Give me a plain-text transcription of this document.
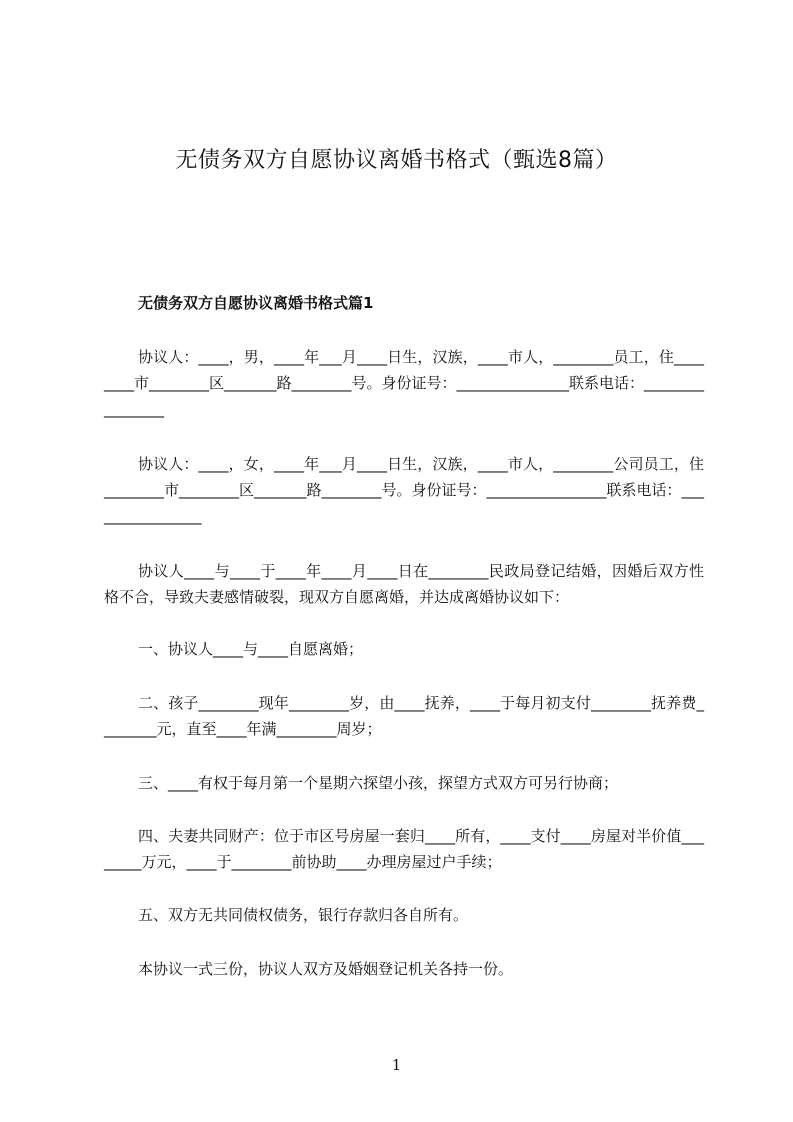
无债务双方自愿协议离婚书格式（甄选8篇）
无债务双方自愿协议离婚书格式篇1

协议人：____，男，____年___月____日生，汉族，____市人，________员工，住________市________区_______路________号。身份证号：_______________联系电话：________________

协议人：____，女，____年___月____日生，汉族，____市人，________公司员工，住________市________区_______路________号。身份证号：________________联系电话：________________

协议人____与____于____年____月____日在________民政局登记结婚，因婚后双方性格不合，导致夫妻感情破裂，现双方自愿离婚，并达成离婚协议如下：

一、协议人____与____自愿离婚；

二、孩子________现年________岁，由____抚养，____于每月初支付________抚养费________元，直至____年满________周岁；

三、____有权于每月第一个星期六探望小孩，探望方式双方可另行协商；

四、夫妻共同财产：位于市区号房屋一套归____所有，____支付____房屋对半价值________万元，____于________前协助____办理房屋过户手续；

五、双方无共同债权债务，银行存款归各自所有。

本协议一式三份，协议人双方及婚姻登记机关各持一份。

1
